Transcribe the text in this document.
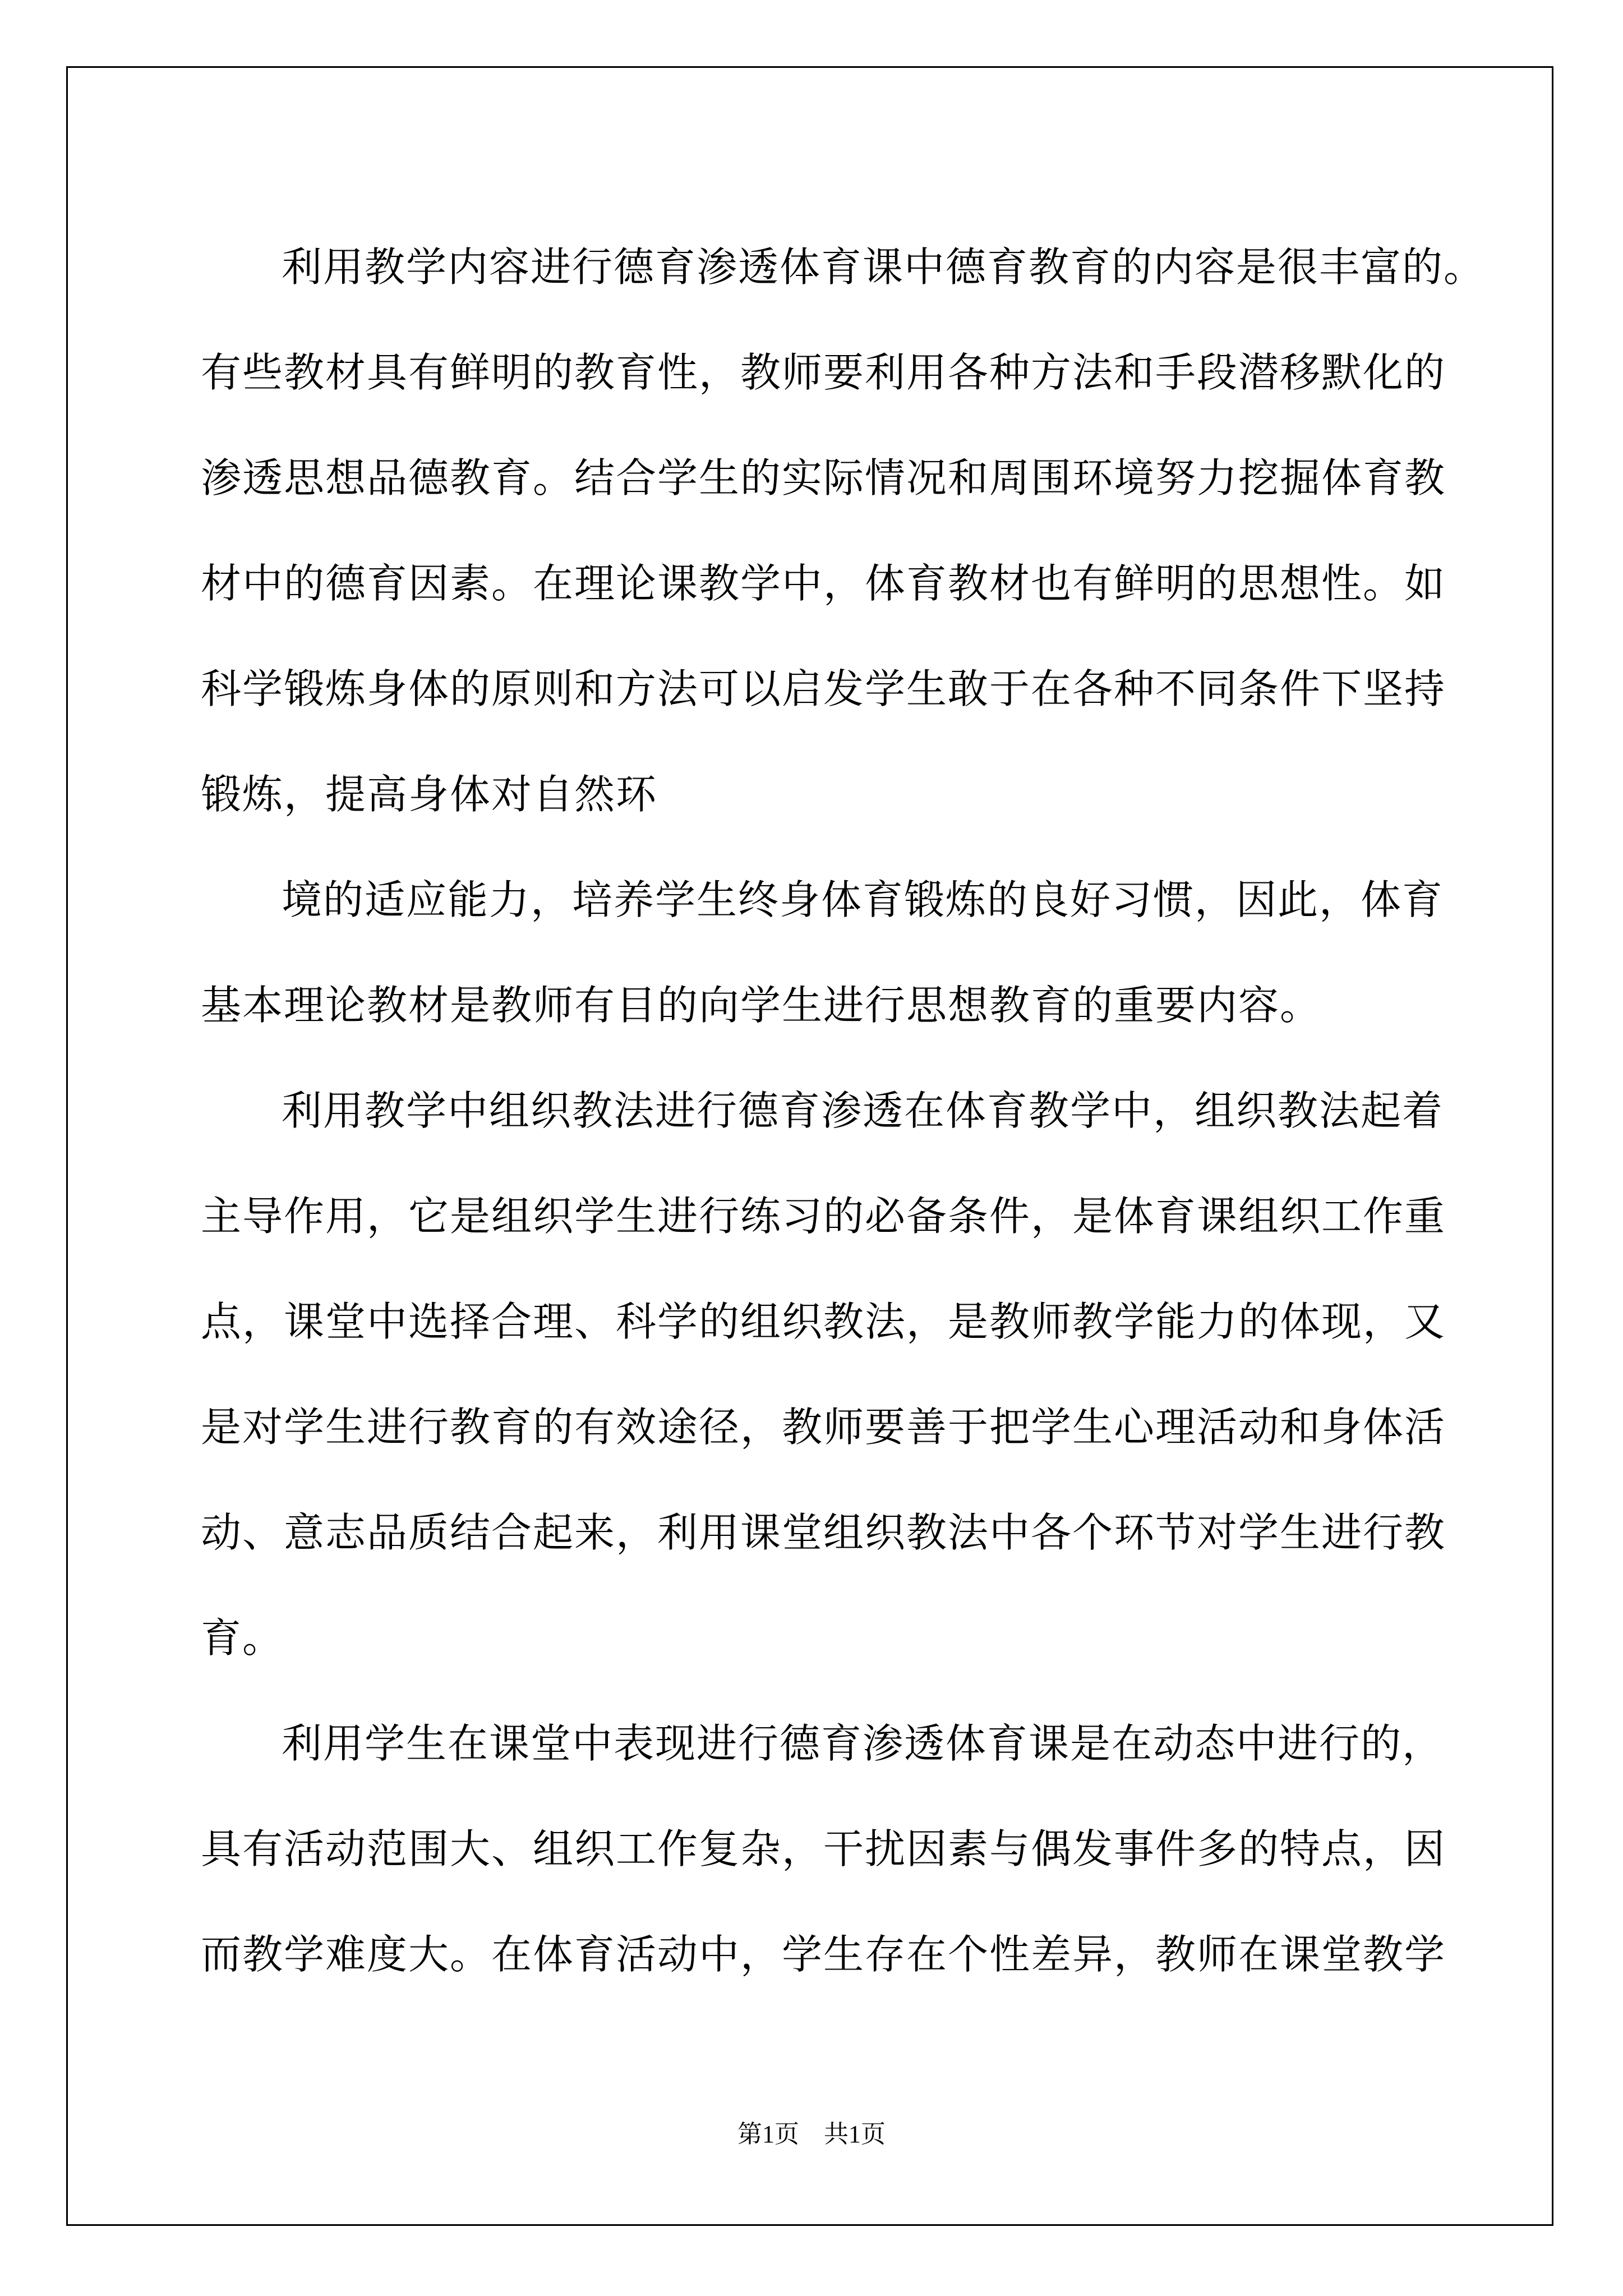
利用教学内容进行德育渗透体育课中德育教育的内容是很丰富的。
有些教材具有鲜明的教育性，教师要利用各种方法和手段潜移默化的
渗透思想品德教育。结合学生的实际情况和周围环境努力挖掘体育教
材中的德育因素。在理论课教学中，体育教材也有鲜明的思想性。如
科学锻炼身体的原则和方法可以启发学生敢于在各种不同条件下坚持
锻炼，提高身体对自然环
境的适应能力，培养学生终身体育锻炼的良好习惯，因此，体育
基本理论教材是教师有目的向学生进行思想教育的重要内容。
利用教学中组织教法进行德育渗透在体育教学中，组织教法起着
主导作用，它是组织学生进行练习的必备条件，是体育课组织工作重
点，课堂中选择合理、科学的组织教法，是教师教学能力的体现，又
是对学生进行教育的有效途径，教师要善于把学生心理活动和身体活
动、意志品质结合起来，利用课堂组织教法中各个环节对学生进行教
育。
利用学生在课堂中表现进行德育渗透体育课是在动态中进行的，
具有活动范围大、组织工作复杂，干扰因素与偶发事件多的特点，因
而教学难度大。在体育活动中，学生存在个性差异，教师在课堂教学
第1页　共1页
